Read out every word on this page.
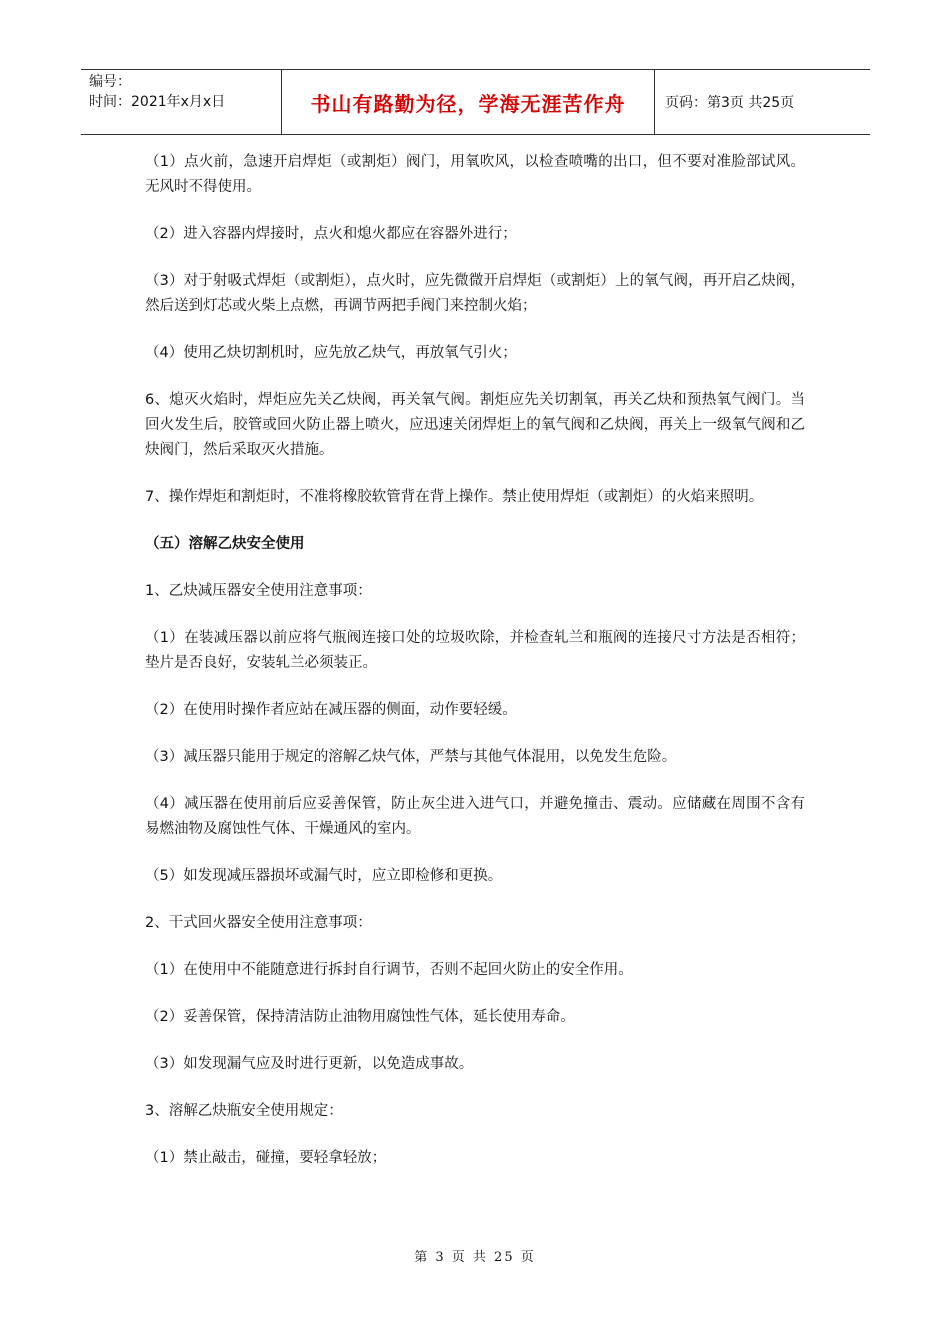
编号：
时间：2021年x月x日	书山有路勤为径，学海无涯苦作舟	页码：第3页 共25页

（1）点火前，急速开启焊炬（或割炬）阀门，用氧吹风，以检查喷嘴的出口，但不要对准脸部试风。无风时不得使用。

（2）进入容器内焊接时，点火和熄火都应在容器外进行；

（3）对于射吸式焊炬（或割炬），点火时，应先微微开启焊炬（或割炬）上的氧气阀，再开启乙炔阀，然后送到灯芯或火柴上点燃，再调节两把手阀门来控制火焰；

（4）使用乙炔切割机时，应先放乙炔气，再放氧气引火；

6、熄灭火焰时，焊炬应先关乙炔阀，再关氧气阀。割炬应先关切割氧，再关乙炔和预热氧气阀门。当回火发生后，胶管或回火防止器上喷火，应迅速关闭焊炬上的氧气阀和乙炔阀，再关上一级氧气阀和乙炔阀门，然后采取灭火措施。

7、操作焊炬和割炬时，不准将橡胶软管背在背上操作。禁止使用焊炬（或割炬）的火焰来照明。

（五）溶解乙炔安全使用

1、乙炔减压器安全使用注意事项：

（1）在装减压器以前应将气瓶阀连接口处的垃圾吹除，并检查轧兰和瓶阀的连接尺寸方法是否相符；垫片是否良好，安装轧兰必须装正。

（2）在使用时操作者应站在减压器的侧面，动作要轻缓。

（3）减压器只能用于规定的溶解乙炔气体，严禁与其他气体混用，以免发生危险。

（4）减压器在使用前后应妥善保管，防止灰尘进入进气口，并避免撞击、震动。应储藏在周围不含有易燃油物及腐蚀性气体、干燥通风的室内。

（5）如发现减压器损坏或漏气时，应立即检修和更换。

2、干式回火器安全使用注意事项：

（1）在使用中不能随意进行拆封自行调节，否则不起回火防止的安全作用。

（2）妥善保管，保持清洁防止油物用腐蚀性气体，延长使用寿命。

（3）如发现漏气应及时进行更新，以免造成事故。

3、溶解乙炔瓶安全使用规定：

（1）禁止敲击，碰撞，要轻拿轻放；

第 3 页 共 25 页
